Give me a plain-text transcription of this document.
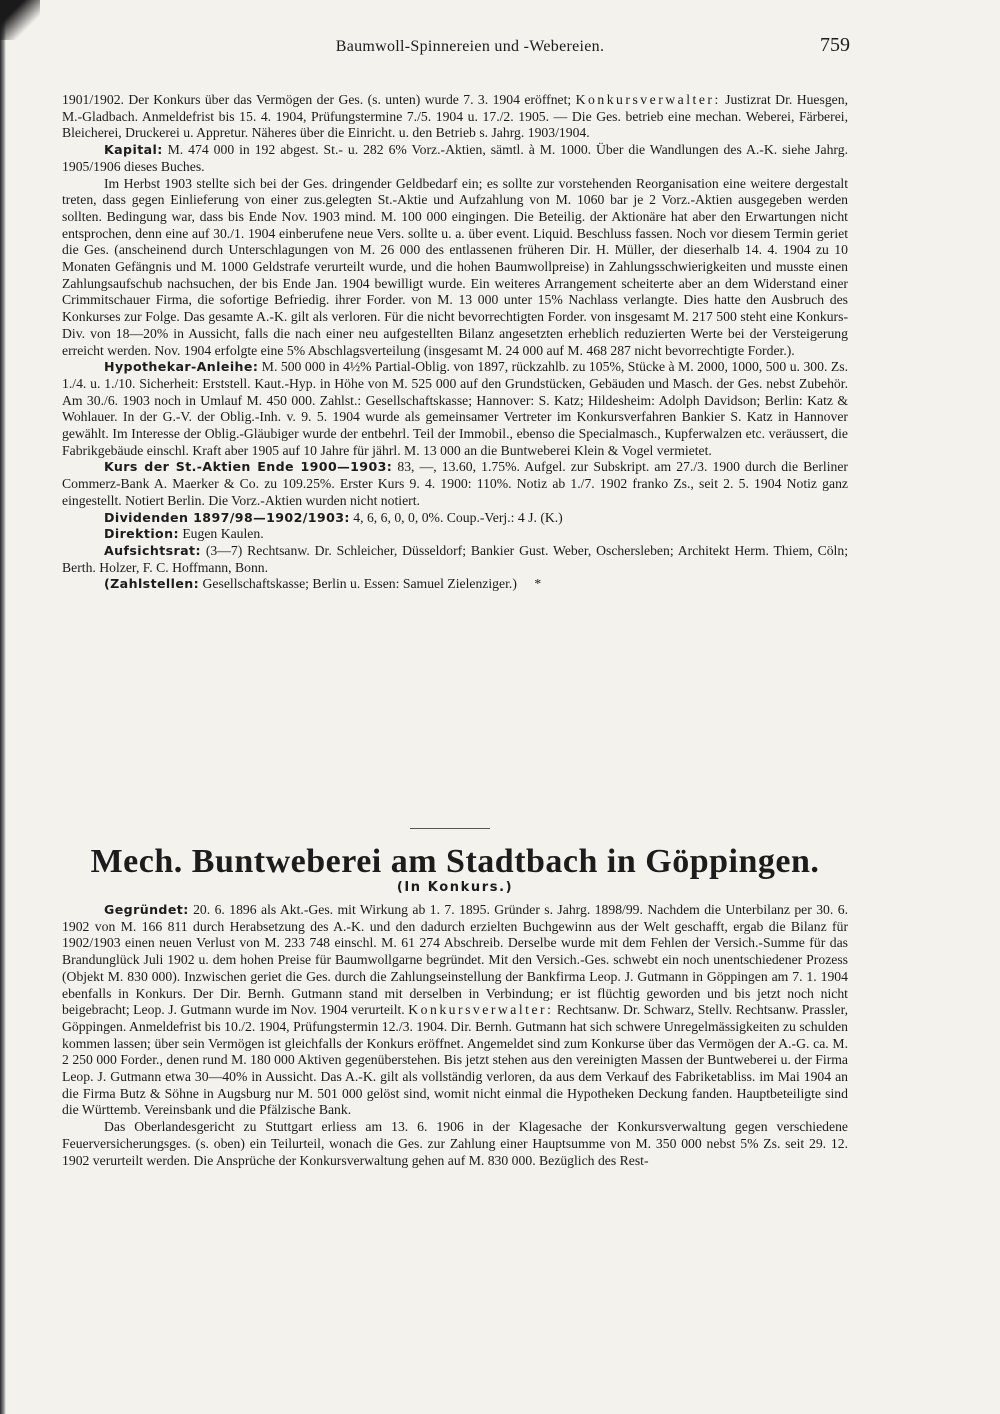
Baumwoll-Spinnereien und -Webereien.	759

1901/1902. Der Konkurs über das Vermögen der Ges. (s. unten) wurde 7. 3. 1904 eröffnet; Konkursverwalter: Justizrat Dr. Huesgen, M.-Gladbach. Anmeldefrist bis 15. 4. 1904, Prüfungstermine 7./5. 1904 u. 17./2. 1905. — Die Ges. betrieb eine mechan. Weberei, Färberei, Bleicherei, Druckerei u. Appretur. Näheres über die Einricht. u. den Betrieb s. Jahrg. 1903/1904.

Kapital: M. 474 000 in 192 abgest. St.- u. 282 6% Vorz.-Aktien, sämtl. à M. 1000. Über die Wandlungen des A.-K. siehe Jahrg. 1905/1906 dieses Buches.

Im Herbst 1903 stellte sich bei der Ges. dringender Geldbedarf ein; es sollte zur vorstehenden Reorganisation eine weitere dergestalt treten, dass gegen Einlieferung von einer zus.gelegten St.-Aktie und Aufzahlung von M. 1060 bar je 2 Vorz.-Aktien ausgegeben werden sollten. Bedingung war, dass bis Ende Nov. 1903 mind. M. 100 000 eingingen. Die Beteilig. der Aktionäre hat aber den Erwartungen nicht entsprochen, denn eine auf 30./1. 1904 einberufene neue Vers. sollte u. a. über event. Liquid. Beschluss fassen. Noch vor diesem Termin geriet die Ges. (anscheinend durch Unterschlagungen von M. 26 000 des entlassenen früheren Dir. H. Müller, der dieserhalb 14. 4. 1904 zu 10 Monaten Gefängnis und M. 1000 Geldstrafe verurteilt wurde, und die hohen Baumwollpreise) in Zahlungsschwierigkeiten und musste einen Zahlungsaufschub nachsuchen, der bis Ende Jan. 1904 bewilligt wurde. Ein weiteres Arrangement scheiterte aber an dem Widerstand einer Crimmitschauer Firma, die sofortige Befriedig. ihrer Forder. von M. 13 000 unter 15% Nachlass verlangte. Dies hatte den Ausbruch des Konkurses zur Folge. Das gesamte A.-K. gilt als verloren. Für die nicht bevorrechtigten Forder. von insgesamt M. 217 500 steht eine Konkurs-Div. von 18—20% in Aussicht, falls die nach einer neu aufgestellten Bilanz angesetzten erheblich reduzierten Werte bei der Versteigerung erreicht werden. Nov. 1904 erfolgte eine 5% Abschlagsverteilung (insgesamt M. 24 000 auf M. 468 287 nicht bevorrechtigte Forder.).

Hypothekar-Anleihe: M. 500 000 in 4½% Partial-Oblig. von 1897, rückzahlb. zu 105%, Stücke à M. 2000, 1000, 500 u. 300. Zs. 1./4. u. 1./10. Sicherheit: Erststell. Kaut.-Hyp. in Höhe von M. 525 000 auf den Grundstücken, Gebäuden und Masch. der Ges. nebst Zubehör. Am 30./6. 1903 noch in Umlauf M. 450 000. Zahlst.: Gesellschaftskasse; Hannover: S. Katz; Hildesheim: Adolph Davidson; Berlin: Katz & Wohlauer. In der G.-V. der Oblig.-Inh. v. 9. 5. 1904 wurde als gemeinsamer Vertreter im Konkursverfahren Bankier S. Katz in Hannover gewählt. Im Interesse der Oblig.-Gläubiger wurde der entbehrl. Teil der Immobil., ebenso die Specialmasch., Kupferwalzen etc. veräussert, die Fabrikgebäude einschl. Kraft aber 1905 auf 10 Jahre für jährl. M. 13 000 an die Buntweberei Klein & Vogel vermietet.

Kurs der St.-Aktien Ende 1900—1903: 83, —, 13.60, 1.75%. Aufgel. zur Subskript. am 27./3. 1900 durch die Berliner Commerz-Bank A. Maerker & Co. zu 109.25%. Erster Kurs 9. 4. 1900: 110%. Notiz ab 1./7. 1902 franko Zs., seit 2. 5. 1904 Notiz ganz eingestellt. Notiert Berlin. Die Vorz.-Aktien wurden nicht notiert.

Dividenden 1897/98—1902/1903: 4, 6, 6, 0, 0, 0%. Coup.-Verj.: 4 J. (K.)

Direktion: Eugen Kaulen.

Aufsichtsrat: (3—7) Rechtsanw. Dr. Schleicher, Düsseldorf; Bankier Gust. Weber, Oschersleben; Architekt Herm. Thiem, Cöln; Berth. Holzer, F. C. Hoffmann, Bonn.

(Zahlstellen: Gesellschaftskasse; Berlin u. Essen: Samuel Zielenziger.) *

Mech. Buntweberei am Stadtbach in Göppingen.
(In Konkurs.)

Gegründet: 20. 6. 1896 als Akt.-Ges. mit Wirkung ab 1. 7. 1895. Gründer s. Jahrg. 1898/99. Nachdem die Unterbilanz per 30. 6. 1902 von M. 166 811 durch Herabsetzung des A.-K. und den dadurch erzielten Buchgewinn aus der Welt geschafft, ergab die Bilanz für 1902/1903 einen neuen Verlust von M. 233 748 einschl. M. 61 274 Abschreib. Derselbe wurde mit dem Fehlen der Versich.-Summe für das Brandunglück Juli 1902 u. dem hohen Preise für Baumwollgarne begründet. Mit den Versich.-Ges. schwebt ein noch unentschiedener Prozess (Objekt M. 830 000). Inzwischen geriet die Ges. durch die Zahlungseinstellung der Bankfirma Leop. J. Gutmann in Göppingen am 7. 1. 1904 ebenfalls in Konkurs. Der Dir. Bernh. Gutmann stand mit derselben in Verbindung; er ist flüchtig geworden und bis jetzt noch nicht beigebracht; Leop. J. Gutmann wurde im Nov. 1904 verurteilt. Konkursverwalter: Rechtsanw. Dr. Schwarz, Stellv. Rechtsanw. Prassler, Göppingen. Anmeldefrist bis 10./2. 1904, Prüfungstermin 12./3. 1904. Dir. Bernh. Gutmann hat sich schwere Unregelmässigkeiten zu schulden kommen lassen; über sein Vermögen ist gleichfalls der Konkurs eröffnet. Angemeldet sind zum Konkurse über das Vermögen der A.-G. ca. M. 2 250 000 Forder., denen rund M. 180 000 Aktiven gegenüberstehen. Bis jetzt stehen aus den vereinigten Massen der Buntweberei u. der Firma Leop. J. Gutmann etwa 30—40% in Aussicht. Das A.-K. gilt als vollständig verloren, da aus dem Verkauf des Fabriketabliss. im Mai 1904 an die Firma Butz & Söhne in Augsburg nur M. 501 000 gelöst sind, womit nicht einmal die Hypotheken Deckung fanden. Hauptbeteiligte sind die Württemb. Vereinsbank und die Pfälzische Bank.

Das Oberlandesgericht zu Stuttgart erliess am 13. 6. 1906 in der Klagesache der Konkursverwaltung gegen verschiedene Feuerversicherungsges. (s. oben) ein Teilurteil, wonach die Ges. zur Zahlung einer Hauptsumme von M. 350 000 nebst 5% Zs. seit 29. 12. 1902 verurteilt werden. Die Ansprüche der Konkursverwaltung gehen auf M. 830 000. Bezüglich des Rest-
